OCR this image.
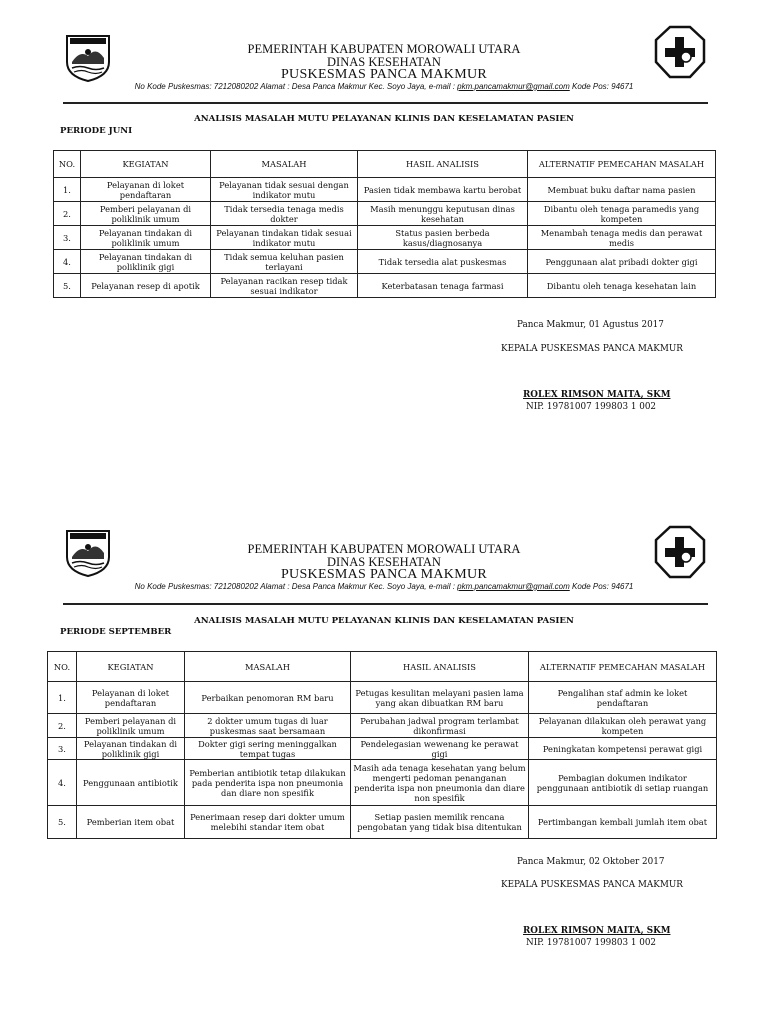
PEMERINTAH KABUPATEN MOROWALI UTARA
DINAS KESEHATAN
PUSKESMAS PANCA MAKMUR
No Kode Puskesmas: 7212080202 Alamat : Desa Panca Makmur Kec. Soyo Jaya, e-mail : pkm.pancamakmur@gmail.com Kode Pos: 94671
ANALISIS MASALAH MUTU PELAYANAN KLINIS DAN KESELAMATAN PASIEN
PERIODE JUNI
NO.	KEGIATAN	MASALAH	HASIL ANALISIS	ALTERNATIF PEMECAHAN MASALAH
1.	Pelayanan di loket pendaftaran	Pelayanan tidak sesuai dengan indikator mutu	Pasien tidak membawa kartu berobat	Membuat buku daftar nama pasien
2.	Pemberi pelayanan di poliklinik umum	Tidak tersedia tenaga medis dokter	Masih menunggu keputusan dinas kesehatan	Dibantu oleh tenaga paramedis yang kompeten
3.	Pelayanan tindakan di poliklinik umum	Pelayanan tindakan tidak sesuai indikator mutu	Status pasien berbeda kasus/diagnosanya	Menambah tenaga medis dan perawat medis
4.	Pelayanan tindakan di poliklinik gigi	Tidak semua keluhan pasien terlayani	Tidak tersedia alat puskesmas	Penggunaan alat pribadi dokter gigi
5.	Pelayanan resep di apotik	Pelayanan racikan resep tidak sesuai indikator	Keterbatasan tenaga farmasi	Dibantu oleh tenaga kesehatan lain
Panca Makmur, 01 Agustus 2017
KEPALA PUSKESMAS PANCA MAKMUR
ROLEX RIMSON MAITA, SKM
NIP. 19781007 199803 1 002
PEMERINTAH KABUPATEN MOROWALI UTARA
DINAS KESEHATAN
PUSKESMAS PANCA MAKMUR
No Kode Puskesmas: 7212080202 Alamat : Desa Panca Makmur Kec. Soyo Jaya, e-mail : pkm.pancamakmur@gmail.com Kode Pos: 94671
ANALISIS MASALAH MUTU PELAYANAN KLINIS DAN KESELAMATAN PASIEN
PERIODE SEPTEMBER
NO.	KEGIATAN	MASALAH	HASIL ANALISIS	ALTERNATIF PEMECAHAN MASALAH
1.	Pelayanan di loket pendaftaran	Perbaikan penomoran RM baru	Petugas kesulitan melayani pasien lama yang akan dibuatkan RM baru	Pengalihan staf admin ke loket pendaftaran
2.	Pemberi pelayanan di poliklinik umum	2 dokter umum tugas di luar puskesmas saat bersamaan	Perubahan jadwal program terlambat dikonfirmasi	Pelayanan dilakukan oleh perawat yang kompeten
3.	Pelayanan tindakan di poliklinik gigi	Dokter gigi sering meninggalkan tempat tugas	Pendelegasian wewenang ke perawat gigi	Peningkatan kompetensi perawat gigi
4.	Penggunaan antibiotik	Pemberian antibiotik tetap dilakukan pada penderita ispa non pneumonia dan diare non spesifik	Masih ada tenaga kesehatan yang belum mengerti pedoman penanganan penderita ispa non pneumonia dan diare non spesifik	Pembagian dokumen indikator penggunaan antibiotik di setiap ruangan
5.	Pemberian item obat	Penerimaan resep dari dokter umum melebihi standar item obat	Setiap pasien memilik rencana pengobatan yang tidak bisa ditentukan	Pertimbangan kembali jumlah item obat
Panca Makmur, 02 Oktober 2017
KEPALA PUSKESMAS PANCA MAKMUR
ROLEX RIMSON MAITA, SKM
NIP. 19781007 199803 1 002
